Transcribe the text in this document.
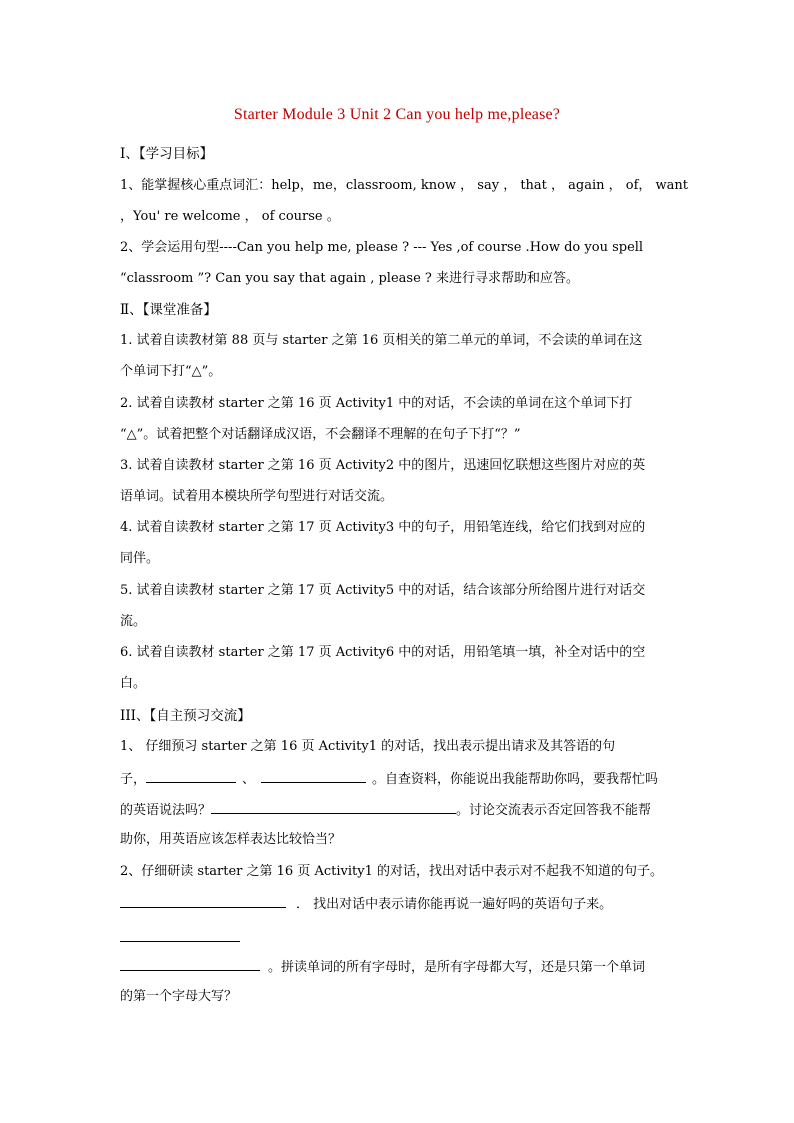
Starter Module 3 Unit 2 Can you help me,please?
Ⅰ、【学习目标】
1、能掌握核心重点词汇：help，me，classroom, know ， say ， that ， again ， of， want
，You' re welcome ， of course 。
2、学会运用句型----Can you help me, please ? --- Yes ,of course .How do you spell
“classroom ”? Can you say that again , please ? 来进行寻求帮助和应答。
Ⅱ、【课堂准备】
1. 试着自读教材第 88 页与 starter 之第 16 页相关的第二单元的单词，不会读的单词在这
个单词下打“△”。
2. 试着自读教材 starter 之第 16 页 Activity1 中的对话，不会读的单词在这个单词下打
“△”。试着把整个对话翻译成汉语，不会翻译不理解的在句子下打“？”
3. 试着自读教材 starter 之第 16 页 Activity2 中的图片，迅速回忆联想这些图片对应的英
语单词。试着用本模块所学句型进行对话交流。
4. 试着自读教材 starter 之第 17 页 Activity3 中的句子，用铅笔连线，给它们找到对应的
同伴。
5. 试着自读教材 starter 之第 17 页 Activity5 中的对话，结合该部分所给图片进行对话交
流。
6. 试着自读教材 starter 之第 17 页 Activity6 中的对话，用铅笔填一填，补全对话中的空
白。
III、【自主预习交流】
1、 仔细预习 starter 之第 16 页 Activity1 的对话，找出表示提出请求及其答语的句
子，	、	。自查资料，你能说出我能帮助你吗，要我帮忙吗
的英语说法吗？	。讨论交流表示否定回答我不能帮
助你，用英语应该怎样表达比较恰当？
2、仔细研读 starter 之第 16 页 Activity1 的对话，找出对话中表示对不起我不知道的句子。
． 找出对话中表示请你能再说一遍好吗的英语句子来。
。拼读单词的所有字母时，是所有字母都大写，还是只第一个单词
的第一个字母大写？
